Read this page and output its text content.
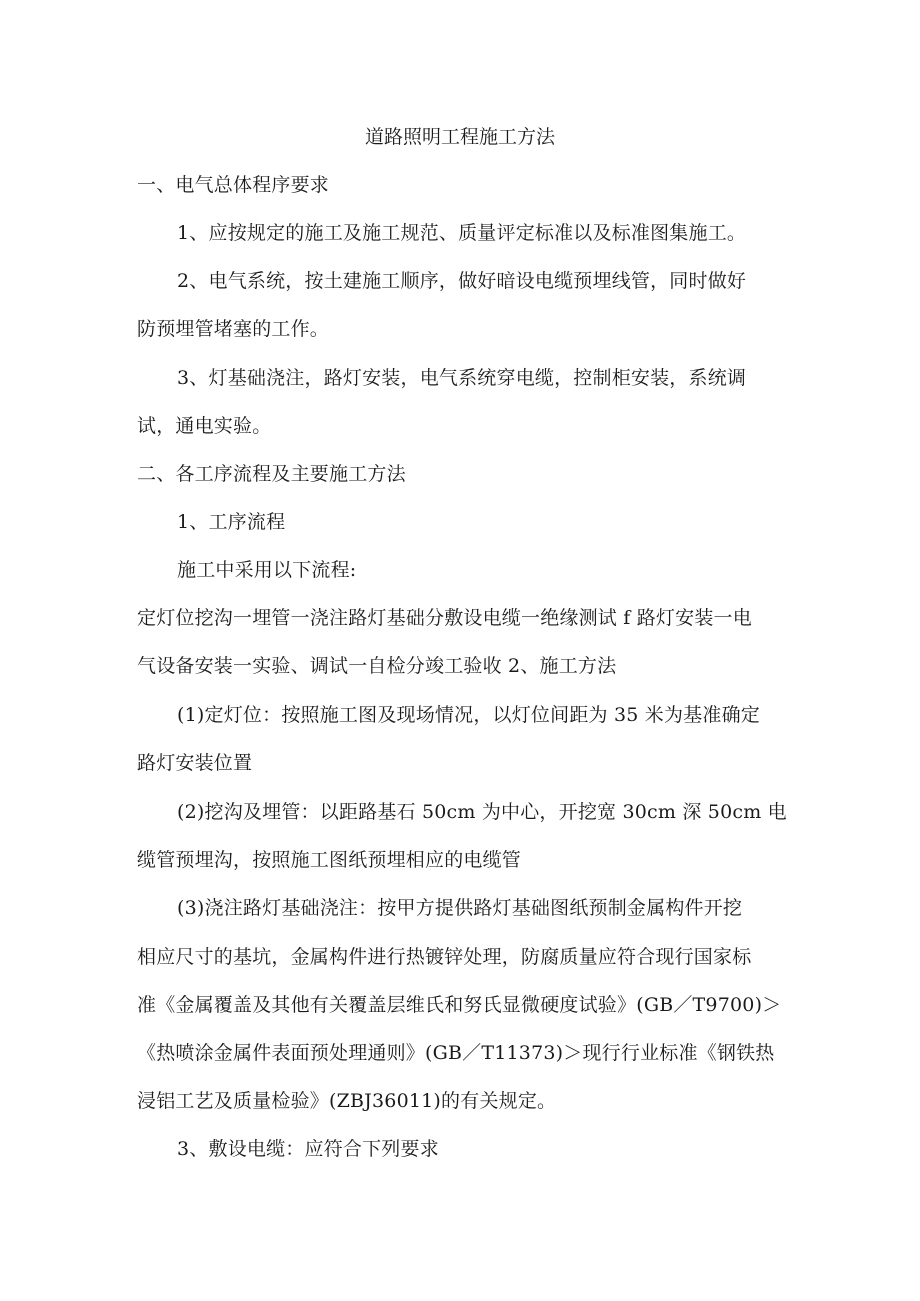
道路照明工程施工方法
一、电气总体程序要求
1、应按规定的施工及施工规范、质量评定标准以及标准图集施工。
2、电气系统，按土建施工顺序，做好暗设电缆预埋线管，同时做好
防预埋管堵塞的工作。
3、灯基础浇注，路灯安装，电气系统穿电缆，控制柜安装，系统调
试，通电实验。
二、各工序流程及主要施工方法
1、工序流程
施工中采用以下流程:
定灯位挖沟一埋管一浇注路灯基础分敷设电缆一绝缘测试 f 路灯安装一电
气设备安装一实验、调试一自检分竣工验收 2、施工方法
(1)定灯位：按照施工图及现场情况，以灯位间距为 35 米为基准确定
路灯安装位置
(2)挖沟及埋管：以距路基石 50cm 为中心，开挖宽 30cm 深 50cm 电
缆管预埋沟，按照施工图纸预埋相应的电缆管
(3)浇注路灯基础浇注：按甲方提供路灯基础图纸预制金属构件开挖
相应尺寸的基坑，金属构件进行热镀锌处理，防腐质量应符合现行国家标
准《金属覆盖及其他有关覆盖层维氏和努氏显微硬度试验》(GB／T9700)＞
《热喷涂金属件表面预处理通则》(GB／T11373)＞现行行业标准《钢铁热
浸铝工艺及质量检验》(ZBJ36011)的有关规定。
3、敷设电缆：应符合下列要求
